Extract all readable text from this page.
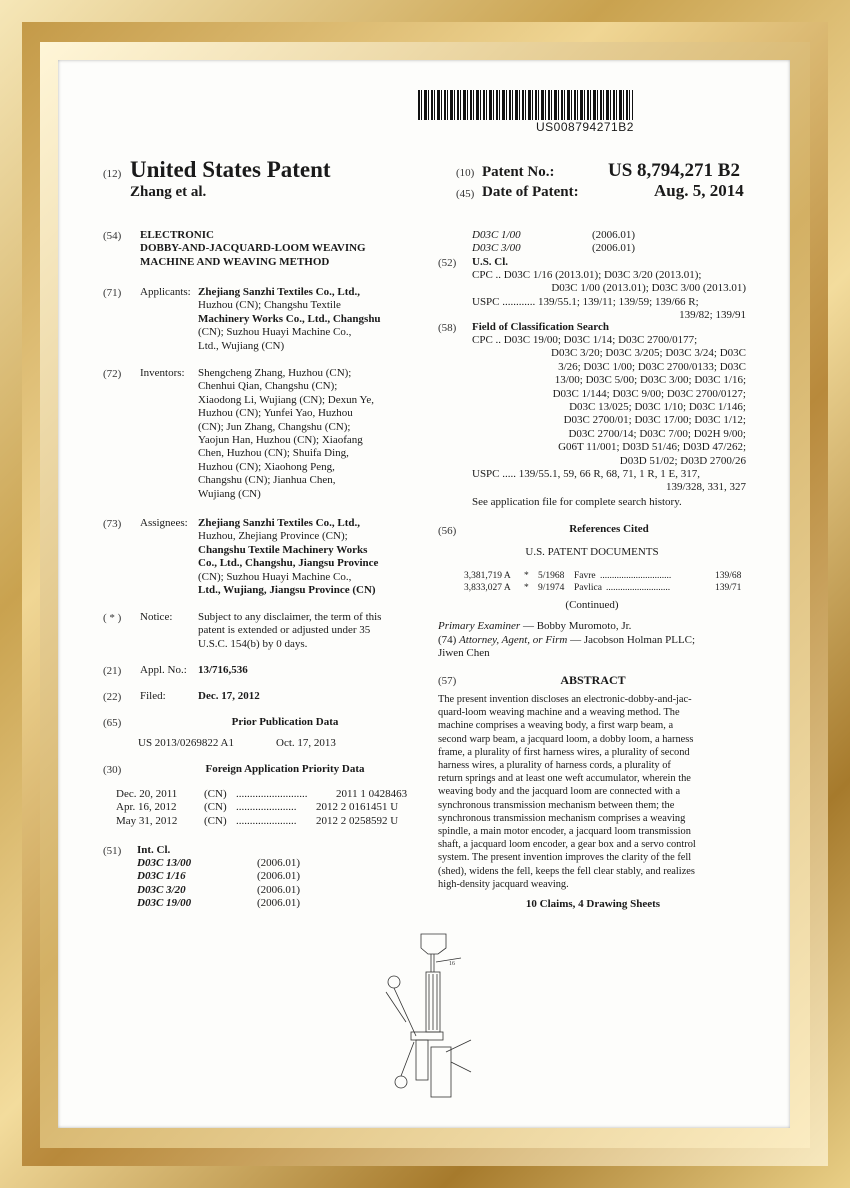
US008794271B2
(12) United States Patent
Zhang et al.
(10) Patent No.:	US 8,794,271 B2
(45) Date of Patent:	Aug. 5, 2014
(54) ELECTRONIC
DOBBY-AND-JACQUARD-LOOM WEAVING
MACHINE AND WEAVING METHOD
(71) Applicants: Zhejiang Sanzhi Textiles Co., Ltd.,
Huzhou (CN); Changshu Textile
Machinery Works Co., Ltd., Changshu
(CN); Suzhou Huayi Machine Co.,
Ltd., Wujiang (CN)
(72) Inventors: Shengcheng Zhang, Huzhou (CN);
Chenhui Qian, Changshu (CN);
Xiaodong Li, Wujiang (CN); Dexun Ye,
Huzhou (CN); Yunfei Yao, Huzhou
(CN); Jun Zhang, Changshu (CN);
Yaojun Han, Huzhou (CN); Xiaofang
Chen, Huzhou (CN); Shuifa Ding,
Huzhou (CN); Xiaohong Peng,
Changshu (CN); Jianhua Chen,
Wujiang (CN)
(73) Assignees: Zhejiang Sanzhi Textiles Co., Ltd.,
Huzhou, Zhejiang Province (CN);
Changshu Textile Machinery Works
Co., Ltd., Changshu, Jiangsu Province
(CN); Suzhou Huayi Machine Co.,
Ltd., Wujiang, Jiangsu Province (CN)
( * ) Notice: Subject to any disclaimer, the term of this
patent is extended or adjusted under 35
U.S.C. 154(b) by 0 days.
(21) Appl. No.: 13/716,536
(22) Filed:	Dec. 17, 2012
(65)	Prior Publication Data
US 2013/0269822 A1	Oct. 17, 2013
(30)	Foreign Application Priority Data
Dec. 20, 2011	(CN) ..........................	2011 1 0428463
Apr. 16, 2012	(CN) ......................	2012 2 0161451 U
May 31, 2012	(CN) ......................	2012 2 0258592 U
(51) Int. Cl.
D03C 13/00	(2006.01)
D03C 1/16	(2006.01)
D03C 3/20	(2006.01)
D03C 19/00	(2006.01)
D03C 1/00	(2006.01)
D03C 3/00	(2006.01)
(52) U.S. Cl.
CPC .. D03C 1/16 (2013.01); D03C 3/20 (2013.01);
D03C 1/00 (2013.01); D03C 3/00 (2013.01)
USPC ............ 139/55.1; 139/11; 139/59; 139/66 R;
139/82; 139/91
(58) Field of Classification Search
CPC .. D03C 19/00; D03C 1/14; D03C 2700/0177;
D03C 3/20; D03C 3/205; D03C 3/24; D03C
3/26; D03C 1/00; D03C 2700/0133; D03C
13/00; D03C 5/00; D03C 3/00; D03C 1/16;
D03C 1/144; D03C 9/00; D03C 2700/0127;
D03C 13/025; D03C 1/10; D03C 1/146;
D03C 2700/01; D03C 17/00; D03C 1/12;
D03C 2700/14; D03C 7/00; D02H 9/00;
G06T 11/001; D03D 51/46; D03D 47/262;
D03D 51/02; D03D 2700/26
USPC ..... 139/55.1, 59, 66 R, 68, 71, 1 R, 1 E, 317,
139/328, 331, 327
See application file for complete search history.
(56)	References Cited
U.S. PATENT DOCUMENTS
3,381,719 A	* 5/1968	Favre ..............................	139/68
3,833,027 A	* 9/1974	Pavlica ...........................	139/71
(Continued)
Primary Examiner — Bobby Muromoto, Jr.
(74) Attorney, Agent, or Firm — Jacobson Holman PLLC;
Jiwen Chen
(57)	ABSTRACT
The present invention discloses an electronic-dobby-and-jac-
quard-loom weaving machine and a weaving method. The
machine comprises a weaving body, a first warp beam, a
second warp beam, a jacquard loom, a dobby loom, a harness
frame, a plurality of first harness wires, a plurality of second
harness wires, a plurality of harness cords, a plurality of
return springs and at least one weft accumulator, wherein the
weaving body and the jacquard loom are connected with a
synchronous transmission mechanism between them; the
synchronous transmission mechanism comprises a weaving
spindle, a main motor encoder, a jacquard loom transmission
shaft, a jacquard loom encoder, a gear box and a servo control
system. The present invention improves the clarity of the fell
(shed), widens the fell, keeps the fell clear stably, and realizes
high-density jacquard weaving.
10 Claims, 4 Drawing Sheets
16
